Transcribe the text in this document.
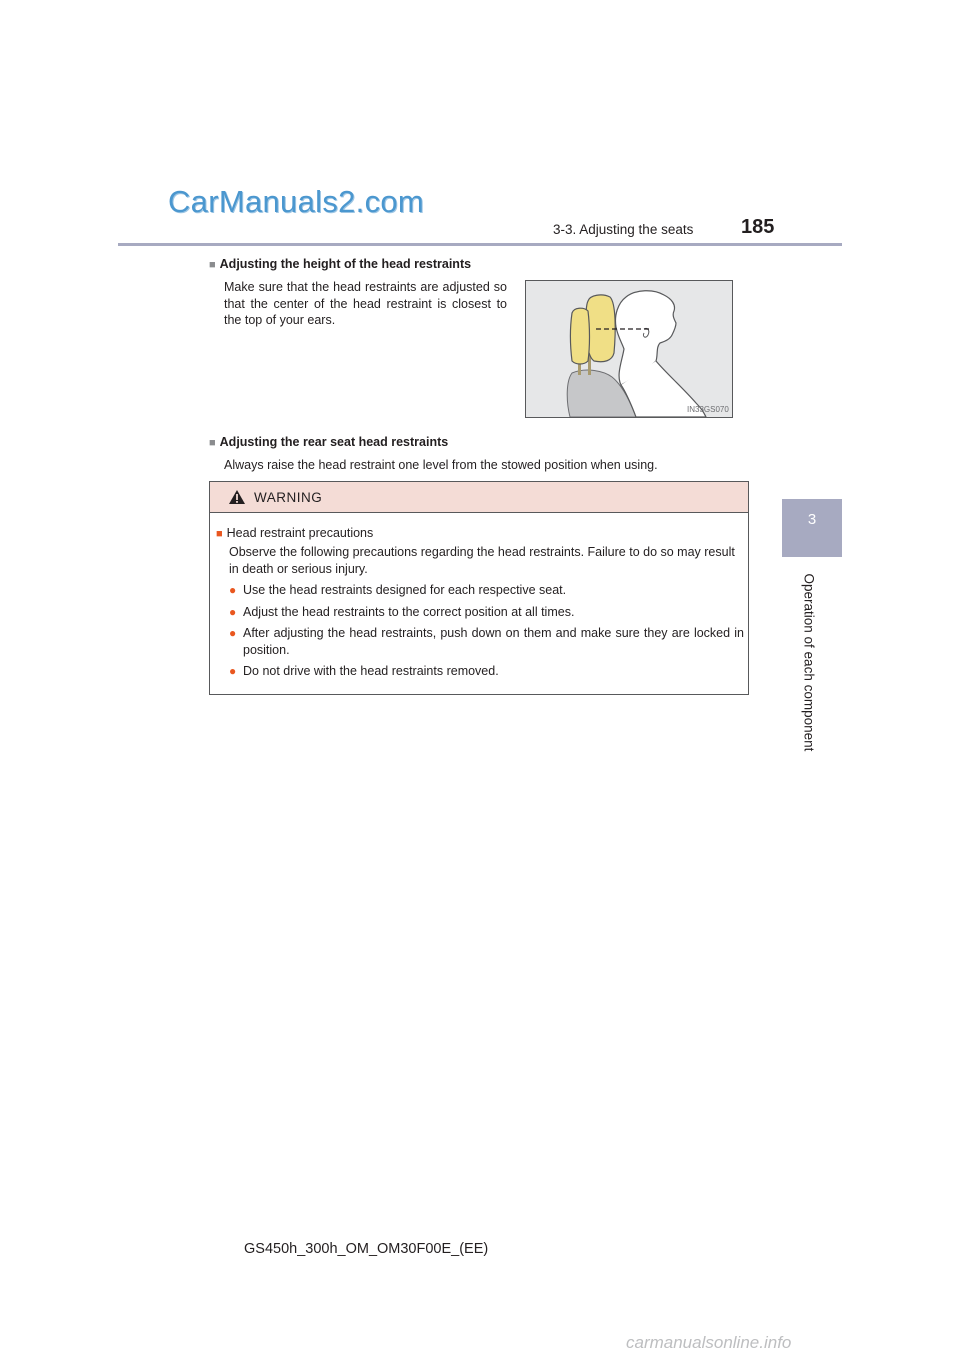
CarManuals2.com
3-3. Adjusting the seats 185
3
Operation of each component
■ Adjusting the height of the head restraints
Make sure that the head restraints are adjusted so that the center of the head restraint is closest to the top of your ears.
IN33GS070
■ Adjusting the rear seat head restraints
Always raise the head restraint one level from the stowed position when using.
WARNING
■ Head restraint precautions
Observe the following precautions regarding the head restraints. Failure to do so may result in death or serious injury.
● Use the head restraints designed for each respective seat.
● Adjust the head restraints to the correct position at all times.
● After adjusting the head restraints, push down on them and make sure they are locked in position.
● Do not drive with the head restraints removed.
GS450h_300h_OM_OM30F00E_(EE)
carmanualsonline.info
